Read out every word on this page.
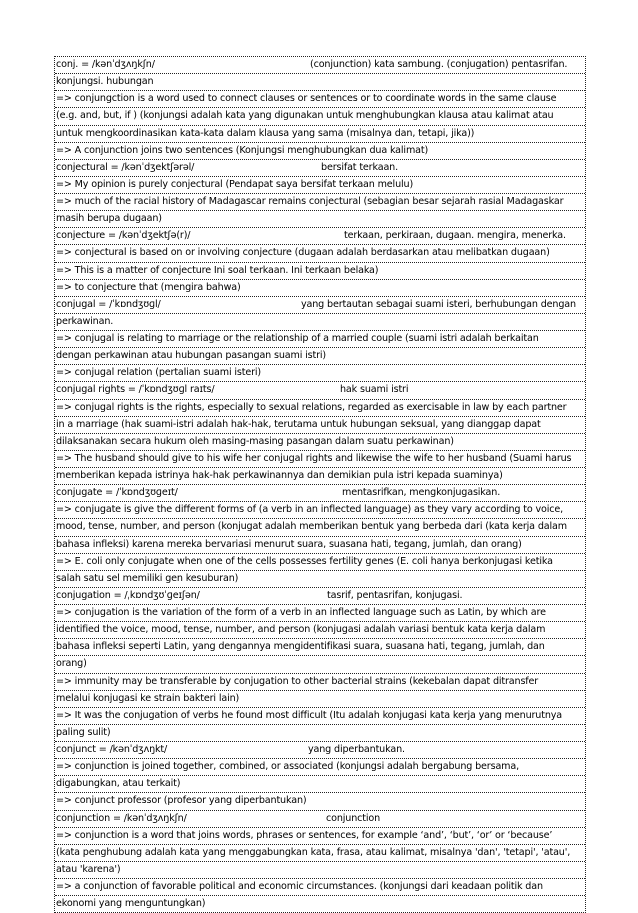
conj. = /kənˈdʒʌŋkʃn/	(conjunction) kata sambung. (conjugation) pentasrifan.
konjungsi. hubungan
=> conjungction is a word used to connect clauses or sentences or to coordinate words in the same clause
(e.g. and, but, if ) (konjungsi adalah kata yang digunakan untuk menghubungkan klausa atau kalimat atau
untuk mengkoordinasikan kata-kata dalam klausa yang sama (misalnya dan, tetapi, jika))
=> A conjunction joins two sentences (Konjungsi menghubungkan dua kalimat)
conjectural = /kənˈdʒektʃərəl/	bersifat terkaan.
=> My opinion is purely conjectural (Pendapat saya bersifat terkaan melulu)
=> much of the racial history of Madagascar remains conjectural (sebagian besar sejarah rasial Madagaskar
masih berupa dugaan)
conjecture = /kənˈdʒektʃə(r)/	terkaan, perkiraan, dugaan. mengira, menerka.
=> conjectural is based on or involving conjecture (dugaan adalah berdasarkan atau melibatkan dugaan)
=> This is a matter of conjecture Ini soal terkaan. Ini terkaan belaka)
=> to conjecture that (mengira bahwa)
conjugal = /ˈkɒndʒʊɡl/	yang bertautan sebagai suami isteri, berhubungan dengan
perkawinan.
=> conjugal is relating to marriage or the relationship of a married couple (suami istri adalah berkaitan
dengan perkawinan atau hubungan pasangan suami istri)
=> conjugal relation (pertalian suami isteri)
conjugal rights = /ˈkɒndʒʊɡl raɪts/	hak suami istri
=> conjugal rights is the rights, especially to sexual relations, regarded as exercisable in law by each partner
in a marriage (hak suami-istri adalah hak-hak, terutama untuk hubungan seksual, yang dianggap dapat
dilaksanakan secara hukum oleh masing-masing pasangan dalam suatu perkawinan)
=> The husband should give to his wife her conjugal rights and likewise the wife to her husband (Suami harus
memberikan kepada istrinya hak-hak perkawinannya dan demikian pula istri kepada suaminya)
conjugate = /ˈkɒndʒʊɡeɪt/	mentasrifkan, mengkonjugasikan.
=> conjugate is give the different forms of (a verb in an inflected language) as they vary according to voice,
mood, tense, number, and person (konjugat adalah memberikan bentuk yang berbeda dari (kata kerja dalam
bahasa infleksi) karena mereka bervariasi menurut suara, suasana hati, tegang, jumlah, dan orang)
=> E. coli only conjugate when one of the cells possesses fertility genes (E. coli hanya berkonjugasi ketika
salah satu sel memiliki gen kesuburan)
conjugation = /ˌkɒndʒʊˈɡeɪʃən/	tasrif, pentasrifan, konjugasi.
=> conjugation is the variation of the form of a verb in an inflected language such as Latin, by which are
identified the voice, mood, tense, number, and person (konjugasi adalah variasi bentuk kata kerja dalam
bahasa infleksi seperti Latin, yang dengannya mengidentifikasi suara, suasana hati, tegang, jumlah, dan
orang)
=> immunity may be transferable by conjugation to other bacterial strains (kekebalan dapat ditransfer
melalui konjugasi ke strain bakteri lain)
=> It was the conjugation of verbs he found most difficult (Itu adalah konjugasi kata kerja yang menurutnya
paling sulit)
conjunct = /kənˈdʒʌŋkt/	yang diperbantukan.
=> conjunction is joined together, combined, or associated (konjungsi adalah bergabung bersama,
digabungkan, atau terkait)
=> conjunct professor (profesor yang diperbantukan)
conjunction = /kənˈdʒʌŋkʃn/	conjunction
=> conjunction is a word that joins words, phrases or sentences, for example ‘and’, ‘but’, ‘or’ or ‘because’
(kata penghubung adalah kata yang menggabungkan kata, frasa, atau kalimat, misalnya 'dan', 'tetapi', 'atau',
atau 'karena')
=> a conjunction of favorable political and economic circumstances. (konjungsi dari keadaan politik dan
ekonomi yang menguntungkan)
